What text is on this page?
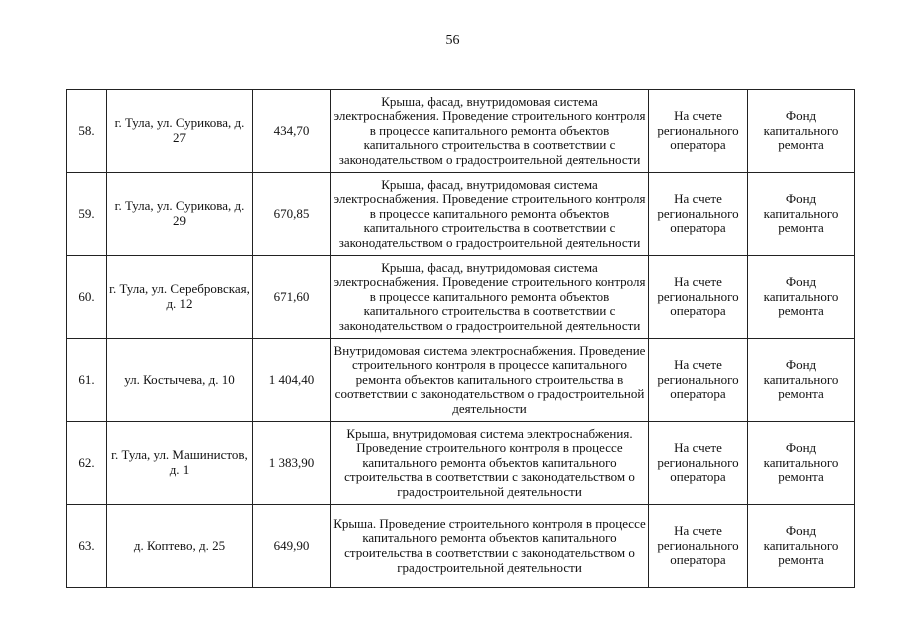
56
58.	г. Тула, ул. Сурикова, д. 27	434,70	Крыша, фасад, внутридомовая система электроснабжения. Проведение строительного контроля в процессе капитального ремонта объектов капитального строительства в соответствии с законодательством о градостроительной деятельности	На счете регионального оператора	Фонд капитального ремонта
59.	г. Тула, ул. Сурикова, д. 29	670,85	Крыша, фасад, внутридомовая система электроснабжения. Проведение строительного контроля в процессе капитального ремонта объектов капитального строительства в соответствии с законодательством о градостроительной деятельности	На счете регионального оператора	Фонд капитального ремонта
60.	г. Тула, ул. Серебровская, д. 12	671,60	Крыша, фасад, внутридомовая система электроснабжения. Проведение строительного контроля в процессе капитального ремонта объектов капитального строительства в соответствии с законодательством о градостроительной деятельности	На счете регионального оператора	Фонд капитального ремонта
61.	ул. Костычева, д. 10	1 404,40	Внутридомовая система электроснабжения. Проведение строительного контроля в процессе капитального ремонта объектов капитального строительства в соответствии с законодательством о градостроительной деятельности	На счете регионального оператора	Фонд капитального ремонта
62.	г. Тула, ул. Машинистов, д. 1	1 383,90	Крыша, внутридомовая система электроснабжения. Проведение строительного контроля в процессе капитального ремонта объектов капитального строительства в соответствии с законодательством о градостроительной деятельности	На счете регионального оператора	Фонд капитального ремонта
63.	д. Коптево, д. 25	649,90	Крыша. Проведение строительного контроля в процессе капитального ремонта объектов капитального строительства в соответствии с законодательством о градостроительной деятельности	На счете регионального оператора	Фонд капитального ремонта
